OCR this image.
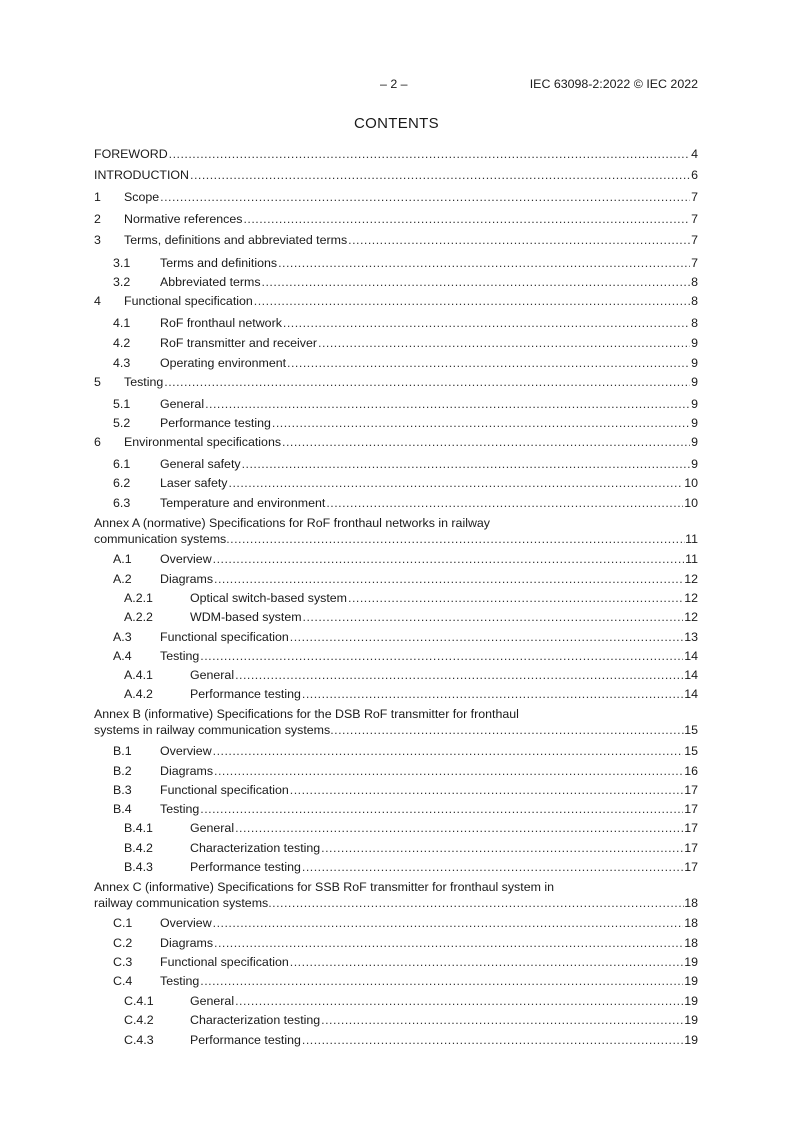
– 2 –	IEC 63098-2:2022 © IEC 2022
CONTENTS
FOREWORD .....	4
INTRODUCTION .....	6
1 Scope .....	7
2 Normative references .....	7
3 Terms, definitions and abbreviated terms .....	7
3.1 Terms and definitions .....	7
3.2 Abbreviated terms .....	8
4 Functional specification .....	8
4.1 RoF fronthaul network .....	8
4.2 RoF transmitter and receiver .....	9
4.3 Operating environment .....	9
5 Testing .....	9
5.1 General .....	9
5.2 Performance testing .....	9
6 Environmental specifications .....	9
6.1 General safety .....	9
6.2 Laser safety .....	10
6.3 Temperature and environment .....	10
Annex A (normative) Specifications for RoF fronthaul networks in railway
communication systems .....	11
A.1 Overview .....	11
A.2 Diagrams .....	12
A.2.1	Optical switch-based system .....	12
A.2.2	WDM-based system .....	12
A.3 Functional specification .....	13
A.4 Testing .....	14
A.4.1	General .....	14
A.4.2	Performance testing .....	14
Annex B (informative) Specifications for the DSB RoF transmitter for fronthaul
systems in railway communication systems .....	15
B.1 Overview .....	15
B.2 Diagrams .....	16
B.3 Functional specification .....	17
B.4 Testing .....	17
B.4.1	General .....	17
B.4.2	Characterization testing .....	17
B.4.3	Performance testing .....	17
Annex C (informative) Specifications for SSB RoF transmitter for fronthaul system in
railway communication systems .....	18
C.1 Overview .....	18
C.2 Diagrams .....	18
C.3 Functional specification .....	19
C.4 Testing .....	19
C.4.1	General .....	19
C.4.2	Characterization testing .....	19
C.4.3	Performance testing .....	19
